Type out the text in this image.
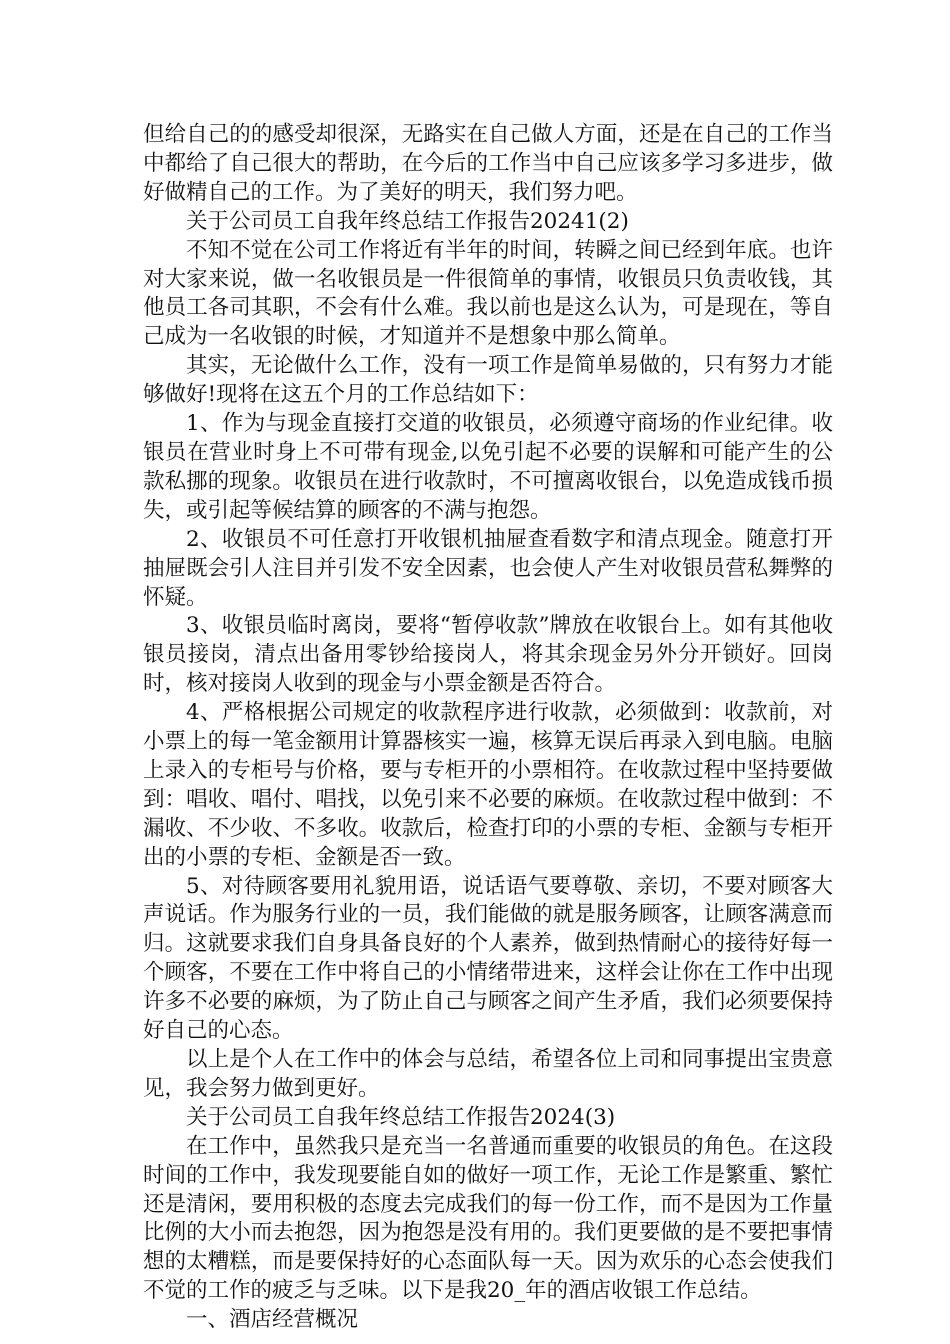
但给自己的的感受却很深，无路实在自己做人方面，还是在自己的工作当中都给了自己很大的帮助，在今后的工作当中自己应该多学习多进步，做好做精自己的工作。为了美好的明天，我们努力吧。

关于公司员工自我年终总结工作报告20241(2)

不知不觉在公司工作将近有半年的时间，转瞬之间已经到年底。也许对大家来说，做一名收银员是一件很简单的事情，收银员只负责收钱，其他员工各司其职，不会有什么难。我以前也是这么认为，可是现在，等自己成为一名收银的时候，才知道并不是想象中那么简单。

其实，无论做什么工作，没有一项工作是简单易做的，只有努力才能够做好!现将在这五个月的工作总结如下：

1、作为与现金直接打交道的收银员，必须遵守商场的作业纪律。收银员在营业时身上不可带有现金,以免引起不必要的误解和可能产生的公款私挪的现象。收银员在进行收款时，不可擅离收银台，以免造成钱币损失，或引起等候结算的顾客的不满与抱怨。

2、收银员不可任意打开收银机抽屉查看数字和清点现金。随意打开抽屉既会引人注目并引发不安全因素，也会使人产生对收银员营私舞弊的怀疑。

3、收银员临时离岗，要将“暂停收款”牌放在收银台上。如有其他收银员接岗，清点出备用零钞给接岗人，将其余现金另外分开锁好。回岗时，核对接岗人收到的现金与小票金额是否符合。

4、严格根据公司规定的收款程序进行收款，必须做到：收款前，对小票上的每一笔金额用计算器核实一遍，核算无误后再录入到电脑。电脑上录入的专柜号与价格，要与专柜开的小票相符。在收款过程中坚持要做到：唱收、唱付、唱找，以免引来不必要的麻烦。在收款过程中做到：不漏收、不少收、不多收。收款后，检查打印的小票的专柜、金额与专柜开出的小票的专柜、金额是否一致。

5、对待顾客要用礼貌用语，说话语气要尊敬、亲切，不要对顾客大声说话。作为服务行业的一员，我们能做的就是服务顾客，让顾客满意而归。这就要求我们自身具备良好的个人素养，做到热情耐心的接待好每一个顾客，不要在工作中将自己的小情绪带进来，这样会让你在工作中出现许多不必要的麻烦，为了防止自己与顾客之间产生矛盾，我们必须要保持好自己的心态。

以上是个人在工作中的体会与总结，希望各位上司和同事提出宝贵意见，我会努力做到更好。

关于公司员工自我年终总结工作报告2024(3)

在工作中，虽然我只是充当一名普通而重要的收银员的角色。在这段时间的工作中，我发现要能自如的做好一项工作，无论工作是繁重、繁忙还是清闲，要用积极的态度去完成我们的每一份工作，而不是因为工作量比例的大小而去抱怨，因为抱怨是没有用的。我们更要做的是不要把事情想的太糟糕，而是要保持好的心态面队每一天。因为欢乐的心态会使我们不觉的工作的疲乏与乏味。以下是我20_年的酒店收银工作总结。

一、酒店经营概况
